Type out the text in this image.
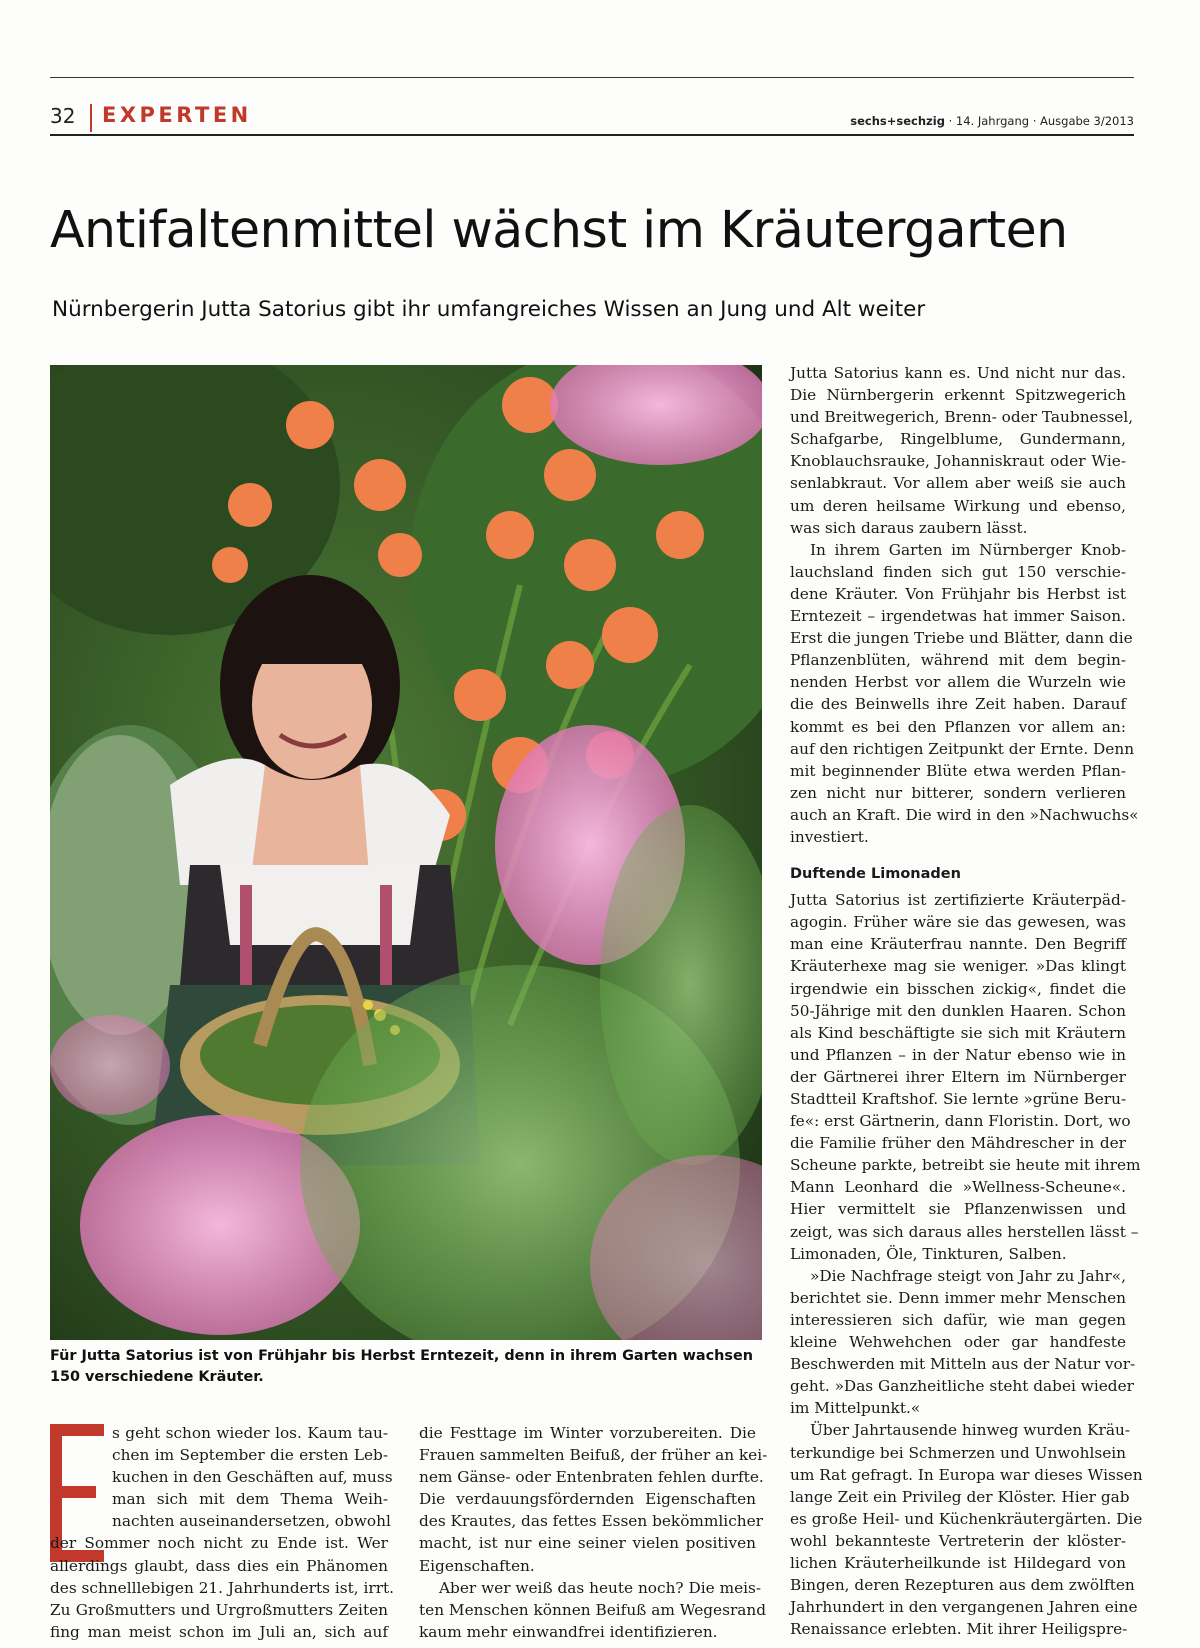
32 EXPERTEN	sechs+sechzig · 14. Jahrgang · Ausgabe 3/2013
Antifaltenmittel wächst im Kräutergarten
Nürnbergerin Jutta Satorius gibt ihr umfangreiches Wissen an Jung und Alt weiter
Für Jutta Satorius ist von Frühjahr bis Herbst Erntezeit, denn in ihrem Garten wachsen
150 verschiedene Kräuter.
s geht schon wieder los. Kaum tau-
chen im September die ersten Leb-
kuchen in den Geschäften auf, muss
man sich mit dem Thema Weih-
nachten auseinandersetzen, obwohl
der Sommer noch nicht zu Ende ist. Wer
allerdings glaubt, dass dies ein Phänomen
des schnelllebigen 21. Jahrhunderts ist, irrt.
Zu Großmutters und Urgroßmutters Zeiten
fing man meist schon im Juli an, sich auf
die Festtage im Winter vorzubereiten. Die
Frauen sammelten Beifuß, der früher an kei-
nem Gänse- oder Entenbraten fehlen durfte.
Die verdauungsfördernden Eigenschaften
des Krautes, das fettes Essen bekömmlicher
macht, ist nur eine seiner vielen positiven
Eigenschaften.
Aber wer weiß das heute noch? Die meis-
ten Menschen können Beifuß am Wegesrand
kaum mehr einwandfrei identifizieren.
Jutta Satorius kann es. Und nicht nur das.
Die Nürnbergerin erkennt Spitzwegerich
und Breitwegerich, Brenn- oder Taubnessel,
Schafgarbe, Ringelblume, Gundermann,
Knoblauchsrauke, Johanniskraut oder Wie-
senlabkraut. Vor allem aber weiß sie auch
um deren heilsame Wirkung und ebenso,
was sich daraus zaubern lässt.
In ihrem Garten im Nürnberger Knob-
lauchsland finden sich gut 150 verschie-
dene Kräuter. Von Frühjahr bis Herbst ist
Erntezeit – irgendetwas hat immer Saison.
Erst die jungen Triebe und Blätter, dann die
Pflanzenblüten, während mit dem begin-
nenden Herbst vor allem die Wurzeln wie
die des Beinwells ihre Zeit haben. Darauf
kommt es bei den Pflanzen vor allem an:
auf den richtigen Zeitpunkt der Ernte. Denn
mit beginnender Blüte etwa werden Pflan-
zen nicht nur bitterer, sondern verlieren
auch an Kraft. Die wird in den »Nachwuchs«
investiert.
Duftende Limonaden
Jutta Satorius ist zertifizierte Kräuterpäd-
agogin. Früher wäre sie das gewesen, was
man eine Kräuterfrau nannte. Den Begriff
Kräuterhexe mag sie weniger. »Das klingt
irgendwie ein bisschen zickig«, findet die
50-Jährige mit den dunklen Haaren. Schon
als Kind beschäftigte sie sich mit Kräutern
und Pflanzen – in der Natur ebenso wie in
der Gärtnerei ihrer Eltern im Nürnberger
Stadtteil Kraftshof. Sie lernte »grüne Beru-
fe«: erst Gärtnerin, dann Floristin. Dort, wo
die Familie früher den Mähdrescher in der
Scheune parkte, betreibt sie heute mit ihrem
Mann Leonhard die »Wellness-Scheune«.
Hier vermittelt sie Pflanzenwissen und
zeigt, was sich daraus alles herstellen lässt –
Limonaden, Öle, Tinkturen, Salben.
»Die Nachfrage steigt von Jahr zu Jahr«,
berichtet sie. Denn immer mehr Menschen
interessieren sich dafür, wie man gegen
kleine Wehwehchen oder gar handfeste
Beschwerden mit Mitteln aus der Natur vor-
geht. »Das Ganzheitliche steht dabei wieder
im Mittelpunkt.«
Über Jahrtausende hinweg wurden Kräu-
terkundige bei Schmerzen und Unwohlsein
um Rat gefragt. In Europa war dieses Wissen
lange Zeit ein Privileg der Klöster. Hier gab
es große Heil- und Küchenkräutergärten. Die
wohl bekannteste Vertreterin der klöster-
lichen Kräuterheilkunde ist Hildegard von
Bingen, deren Rezepturen aus dem zwölften
Jahrhundert in den vergangenen Jahren eine
Renaissance erlebten. Mit ihrer Heiligspre-
